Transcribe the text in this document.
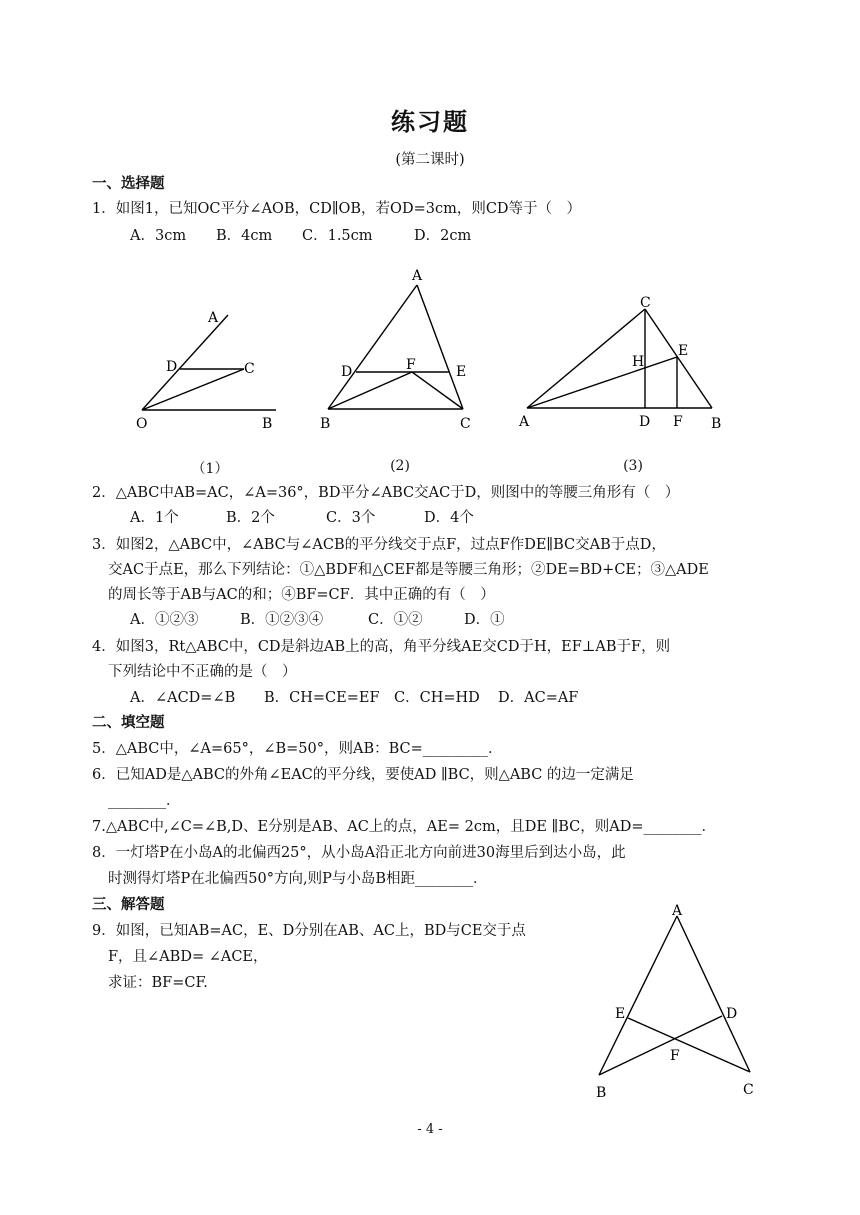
练习题
(第二课时)
一、选择题
1．如图1，已知OC平分∠AOB，CD∥OB，若OD=3cm，则CD等于（　）
A．3cm B．4cm C．1.5cm	D．2cm
A
D	C
O	B
A
D	F	E
B	C
C
H
E
A	D F B
（1）	(2)	(3)
2．△ABC中AB=AC，∠A=36°，BD平分∠ABC交AC于D，则图中的等腰三角形有（　）
A．1个	B．2个	C．3个	D．4个
3．如图2，△ABC中，∠ABC与∠ACB的平分线交于点F，过点F作DE∥BC交AB于点D，
交AC于点E，那么下列结论：①△BDF和△CEF都是等腰三角形；②DE=BD+CE；③△ADE
的周长等于AB与AC的和；④BF=CF．其中正确的有（　）
A．①②③	B．①②③④	C．①②	D．①
4．如图3，Rt△ABC中，CD是斜边AB上的高，角平分线AE交CD于H，EF⊥AB于F，则
下列结论中不正确的是（　）
A．∠ACD=∠B B．CH=CE=EF C．CH=HD D．AC=AF
二、填空题
5．△ABC中，∠A=65°，∠B=50°，则AB：BC=_________．
6．已知AD是△ABC的外角∠EAC的平分线，要使AD ∥BC，则△ABC 的边一定满足
________．
7.△ABC中,∠C=∠B,D、E分别是AB、AC上的点，AE= 2cm，且DE ∥BC，则AD=________．
8．一灯塔P在小岛A的北偏西25°，从小岛A沿正北方向前进30海里后到达小岛，此
时测得灯塔P在北偏西50°方向,则P与小岛B相距________．
三、解答题
9．如图，已知AB=AC，E、D分别在AB、AC上，BD与CE交于点
F，且∠ABD= ∠ACE，
求证：BF=CF.
A
E	D
F
B	C
- 4 -
